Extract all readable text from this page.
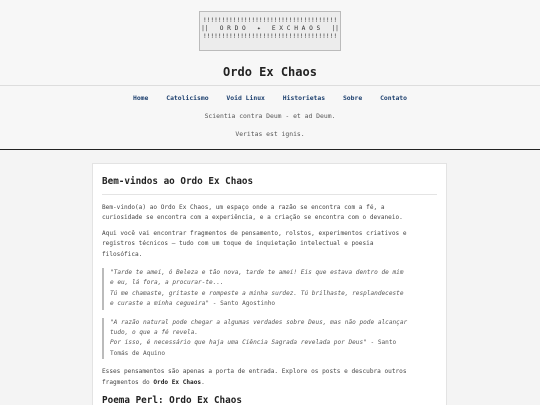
!!!!!!!!!!!!!!!!!!!!!!!!!!!!!!!!!!!!
||   O R D O   ✦   E X C H A O S   ||
!!!!!!!!!!!!!!!!!!!!!!!!!!!!!!!!!!!!
Ordo Ex Chaos
Home	Catolicismo	Void Linux	Historietas	Sobre	Contato
Scientia contra Deum - et ad Deum.
Veritas est ignis.
Bem-vindos ao Ordo Ex Chaos

Bem-vindo(a) ao Ordo Ex Chaos, um espaço onde a razão se encontra com a fé, a
curiosidade se encontra com a experiência, e a criação se encontra com o devaneio.

Aqui você vai encontrar fragmentos de pensamento, rolstos, experimentos criativos e
registros técnicos — tudo com um toque de inquietação intelectual e poesia
filosófica.

"Tarde te amei, ó Beleza e tão nova, tarde te amei! Eis que estava dentro de mim
e eu, lá fora, a procurar-te...
Tú me chamaste, gritaste e rompeste a minha surdez. Tú brilhaste, resplandeceste
e curaste a minha cegueira" - Santo Agostinho
"A razão natural pode chegar a algumas verdades sobre Deus, mas não pode alcançar
tudo, o que a fé revela.
Por isso, é necessário que haja uma Ciência Sagrada revelada por Deus" - Santo
Tomás de Aquino

Esses pensamentos são apenas a porta de entrada. Explore os posts e descubra outros
fragmentos do Ordo Ex Chaos.

Poema Perl: Ordo Ex Chaos
